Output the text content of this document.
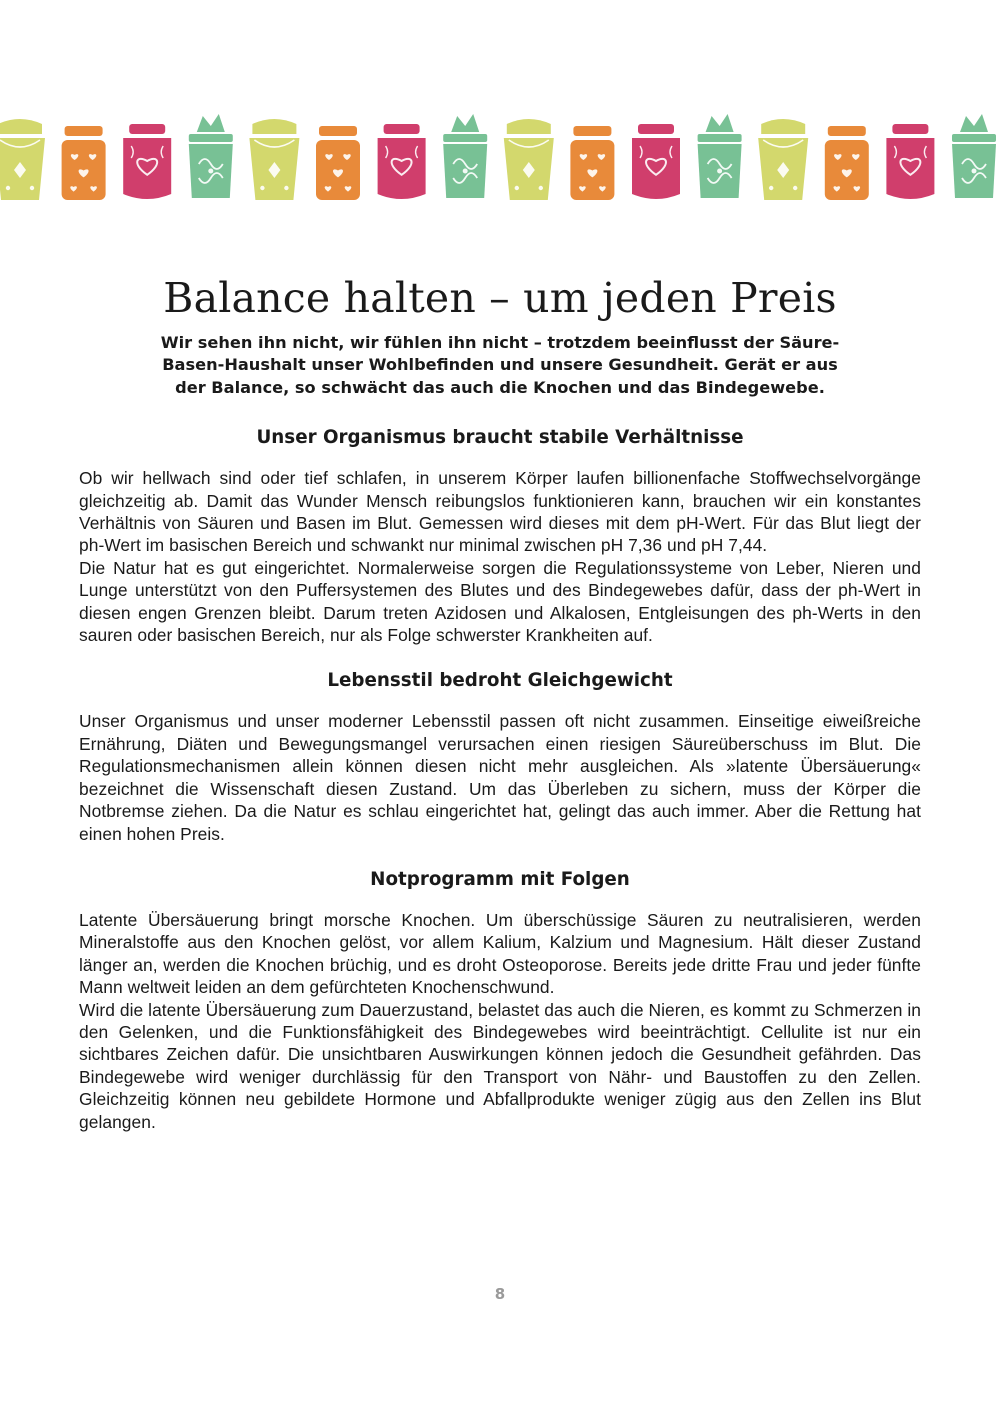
Balance halten – um jeden Preis

Wir sehen ihn nicht, wir fühlen ihn nicht – trotzdem beeinflusst der Säure-Basen-Haushalt unser Wohlbefinden und unsere Gesundheit. Gerät er aus der Balance, so schwächt das auch die Knochen und das Bindegewebe.

Unser Organismus braucht stabile Verhältnisse

Ob wir hellwach sind oder tief schlafen, in unserem Körper laufen billionenfache Stoffwechselvorgänge gleichzeitig ab. Damit das Wunder Mensch reibungslos funktionieren kann, brauchen wir ein konstantes Verhältnis von Säuren und Basen im Blut. Gemessen wird dieses mit dem pH-Wert. Für das Blut liegt der ph-Wert im basischen Bereich und schwankt nur minimal zwischen pH 7,36 und pH 7,44.

Die Natur hat es gut eingerichtet. Normalerweise sorgen die Regulationssysteme von Leber, Nieren und Lunge unterstützt von den Puffersystemen des Blutes und des Bindegewebes dafür, dass der ph-Wert in diesen engen Grenzen bleibt. Darum treten Azidosen und Alkalosen, Entgleisungen des ph-Werts in den sauren oder basischen Bereich, nur als Folge schwerster Krankheiten auf.

Lebensstil bedroht Gleichgewicht

Unser Organismus und unser moderner Lebensstil passen oft nicht zusammen. Einseitige eiweißreiche Ernährung, Diäten und Bewegungsmangel verursachen einen riesigen Säureüberschuss im Blut. Die Regulationsmechanismen allein können diesen nicht mehr ausgleichen. Als »latente Übersäuerung« bezeichnet die Wissenschaft diesen Zustand. Um das Überleben zu sichern, muss der Körper die Notbremse ziehen. Da die Natur es schlau eingerichtet hat, gelingt das auch immer. Aber die Rettung hat einen hohen Preis.

Notprogramm mit Folgen

Latente Übersäuerung bringt morsche Knochen. Um überschüssige Säuren zu neutralisieren, werden Mineralstoffe aus den Knochen gelöst, vor allem Kalium, Kalzium und Magnesium. Hält dieser Zustand länger an, werden die Knochen brüchig, und es droht Osteoporose. Bereits jede dritte Frau und jeder fünfte Mann weltweit leiden an dem gefürchteten Knochenschwund.

Wird die latente Übersäuerung zum Dauerzustand, belastet das auch die Nieren, es kommt zu Schmerzen in den Gelenken, und die Funktionsfähigkeit des Bindegewebes wird beeinträchtigt. Cellulite ist nur ein sichtbares Zeichen dafür. Die unsichtbaren Auswirkungen können jedoch die Gesundheit gefährden. Das Bindegewebe wird weniger durchlässig für den Transport von Nähr- und Baustoffen zu den Zellen. Gleichzeitig können neu gebildete Hormone und Abfallprodukte weniger zügig aus den Zellen ins Blut gelangen.

8
